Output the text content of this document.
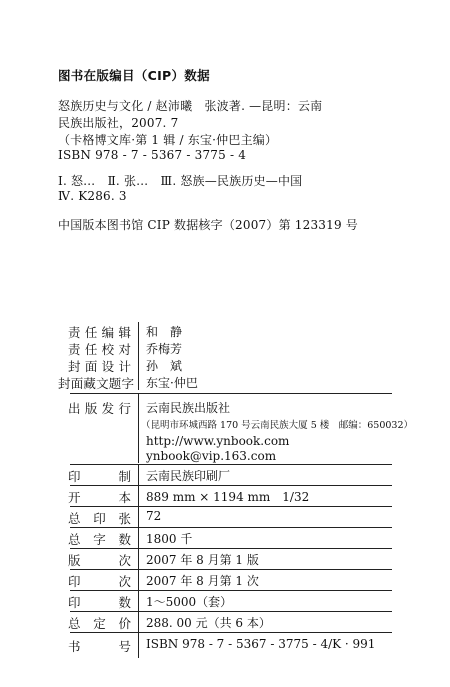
图书在版编目（CIP）数据
怒族历史与文化 / 赵沛曦　张波著. —昆明：云南
民族出版社，2007. 7
（卡格博文库·第 1 辑 / 东宝·仲巴主编）
ISBN 978 - 7 - 5367 - 3775 - 4
Ⅰ. 怒…　Ⅱ. 张…　Ⅲ. 怒族—民族历史—中国
Ⅳ. K286. 3
中国版本图书馆 CIP 数据核字（2007）第 123319 号
责任编辑 和　静
责任校对 乔梅芳
封面设计 孙　斌
封面藏文题字 东宝·仲巴
出版发行 云南民族出版社
（昆明市环城西路 170 号云南民族大厦 5 楼　邮编：650032）
http://www.ynbook.com
ynbook@vip.163.com
印制 云南民族印刷厂
开本 889 mm × 1194 mm　1/32
总印张 72
总字数 1800 千
版次 2007 年 8 月第 1 版
印次 2007 年 8 月第 1 次
印数 1～5000（套）
总定价 288. 00 元（共 6 本）
书号 ISBN 978 - 7 - 5367 - 3775 - 4/K · 991
